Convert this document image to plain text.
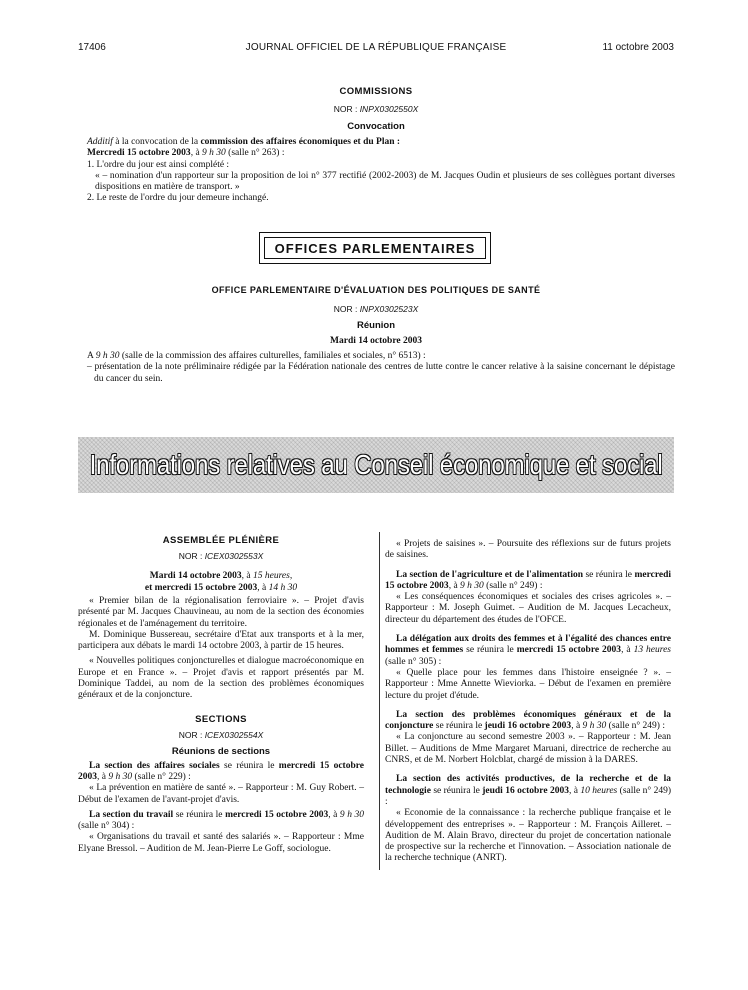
17406	JOURNAL OFFICIEL DE LA RÉPUBLIQUE FRANÇAISE	11 octobre 2003
COMMISSIONS
NOR : INPX0302550X
Convocation

Additif à la convocation de la commission des affaires économiques et du Plan :

Mercredi 15 octobre 2003, à 9 h 30 (salle n° 263) :

1. L'ordre du jour est ainsi complété :

« – nomination d'un rapporteur sur la proposition de loi n° 377 rectifié (2002-2003) de M. Jacques Oudin et plusieurs de ses collègues portant diverses dispositions en matière de transport. »

2. Le reste de l'ordre du jour demeure inchangé.

OFFICES PARLEMENTAIRES
OFFICE PARLEMENTAIRE D'ÉVALUATION DES POLITIQUES DE SANTÉ
NOR : INPX0302523X
Réunion
Mardi 14 octobre 2003

A 9 h 30 (salle de la commission des affaires culturelles, familiales et sociales, n° 6513) :

– présentation de la note préliminaire rédigée par la Fédération nationale des centres de lutte contre le cancer relative à la saisine concernant le dépistage du cancer du sein.

Informations relatives au Conseil économique et social
ASSEMBLÉE PLÉNIÈRE
NOR : ICEX0302553X
Mardi 14 octobre 2003, à 15 heures,
et mercredi 15 octobre 2003, à 14 h 30

« Premier bilan de la régionalisation ferroviaire ». – Projet d'avis présenté par M. Jacques Chauvineau, au nom de la section des économies régionales et de l'aménagement du territoire.

M. Dominique Bussereau, secrétaire d'Etat aux transports et à la mer, participera aux débats le mardi 14 octobre 2003, à partir de 15 heures.

« Nouvelles politiques conjoncturelles et dialogue macroéconomique en Europe et en France ». – Projet d'avis et rapport présentés par M. Dominique Taddei, au nom de la section des problèmes économiques généraux et de la conjoncture.

SECTIONS
NOR : ICEX0302554X
Réunions de sections

La section des affaires sociales se réunira le mercredi 15 octobre 2003, à 9 h 30 (salle n° 229) :

« La prévention en matière de santé ». – Rapporteur : M. Guy Robert. – Début de l'examen de l'avant-projet d'avis.

La section du travail se réunira le mercredi 15 octobre 2003, à 9 h 30 (salle n° 304) :

« Organisations du travail et santé des salariés ». – Rapporteur : Mme Elyane Bressol. – Audition de M. Jean-Pierre Le Goff, sociologue.

« Projets de saisines ». – Poursuite des réflexions sur de futurs projets de saisines.

La section de l'agriculture et de l'alimentation se réunira le mercredi 15 octobre 2003, à 9 h 30 (salle n° 249) :

« Les conséquences économiques et sociales des crises agricoles ». – Rapporteur : M. Joseph Guimet. – Audition de M. Jacques Lecacheux, directeur du département des études de l'OFCE.

La délégation aux droits des femmes et à l'égalité des chances entre hommes et femmes se réunira le mercredi 15 octobre 2003, à 13 heures (salle n° 305) :

« Quelle place pour les femmes dans l'histoire enseignée ? ». – Rapporteur : Mme Annette Wieviorka. – Début de l'examen en première lecture du projet d'étude.

La section des problèmes économiques généraux et de la conjoncture se réunira le jeudi 16 octobre 2003, à 9 h 30 (salle n° 249) :

« La conjoncture au second semestre 2003 ». – Rapporteur : M. Jean Billet. – Auditions de Mme Margaret Maruani, directrice de recherche au CNRS, et de M. Norbert Holcblat, chargé de mission à la DARES.

La section des activités productives, de la recherche et de la technologie se réunira le jeudi 16 octobre 2003, à 10 heures (salle n° 249) :

« Economie de la connaissance : la recherche publique française et le développement des entreprises ». – Rapporteur : M. François Ailleret. – Audition de M. Alain Bravo, directeur du projet de concertation nationale de prospective sur la recherche et l'innovation. – Association nationale de la recherche technique (ANRT).
